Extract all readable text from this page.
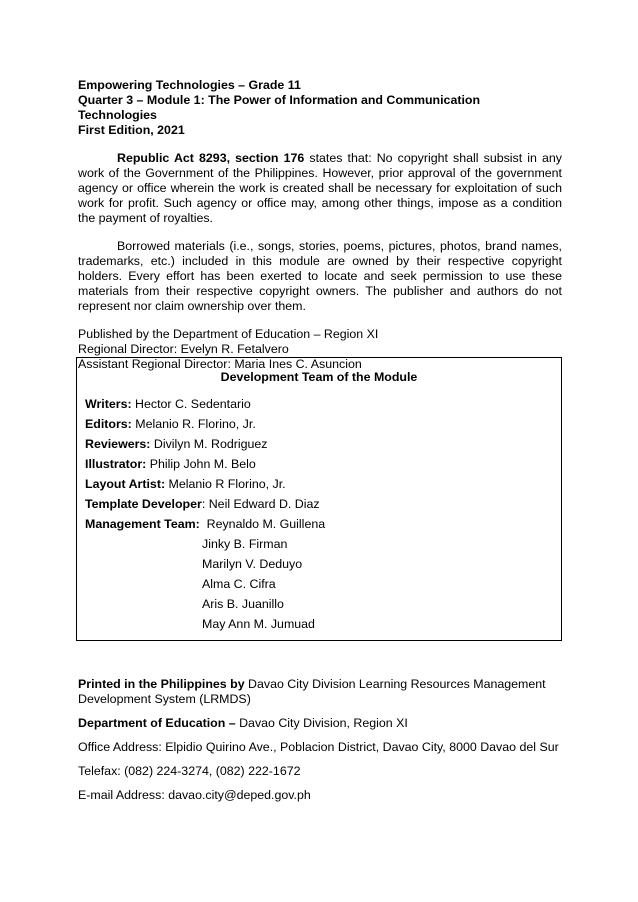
Empowering Technologies – Grade 11
Quarter 3 – Module 1: The Power of Information and Communication Technologies
First Edition, 2021

Republic Act 8293, section 176 states that: No copyright shall subsist in any work of the Government of the Philippines. However, prior approval of the government agency or office wherein the work is created shall be necessary for exploitation of such work for profit. Such agency or office may, among other things, impose as a condition the payment of royalties.

Borrowed materials (i.e., songs, stories, poems, pictures, photos, brand names, trademarks, etc.) included in this module are owned by their respective copyright holders. Every effort has been exerted to locate and seek permission to use these materials from their respective copyright owners. The publisher and authors do not represent nor claim ownership over them.

Published by the Department of Education – Region XI
Regional Director: Evelyn R. Fetalvero
Assistant Regional Director: Maria Ines C. Asuncion
Development Team of the Module
Writers: Hector C. Sedentario
Editors: Melanio R. Florino, Jr.
Reviewers: Divilyn M. Rodriguez
Illustrator: Philip John M. Belo
Layout Artist: Melanio R Florino, Jr.
Template Developer: Neil Edward D. Diaz
Management Team:  Reynaldo M. Guillena
Jinky B. Firman
Marilyn V. Deduyo
Alma C. Cifra
Aris B. Juanillo
May Ann M. Jumuad

Printed in the Philippines by Davao City Division Learning Resources Management Development System (LRMDS)

Department of Education – Davao City Division, Region XI

Office Address: Elpidio Quirino Ave., Poblacion District, Davao City, 8000 Davao del Sur

Telefax: (082) 224-3274, (082) 222-1672

E-mail Address: davao.city@deped.gov.ph
